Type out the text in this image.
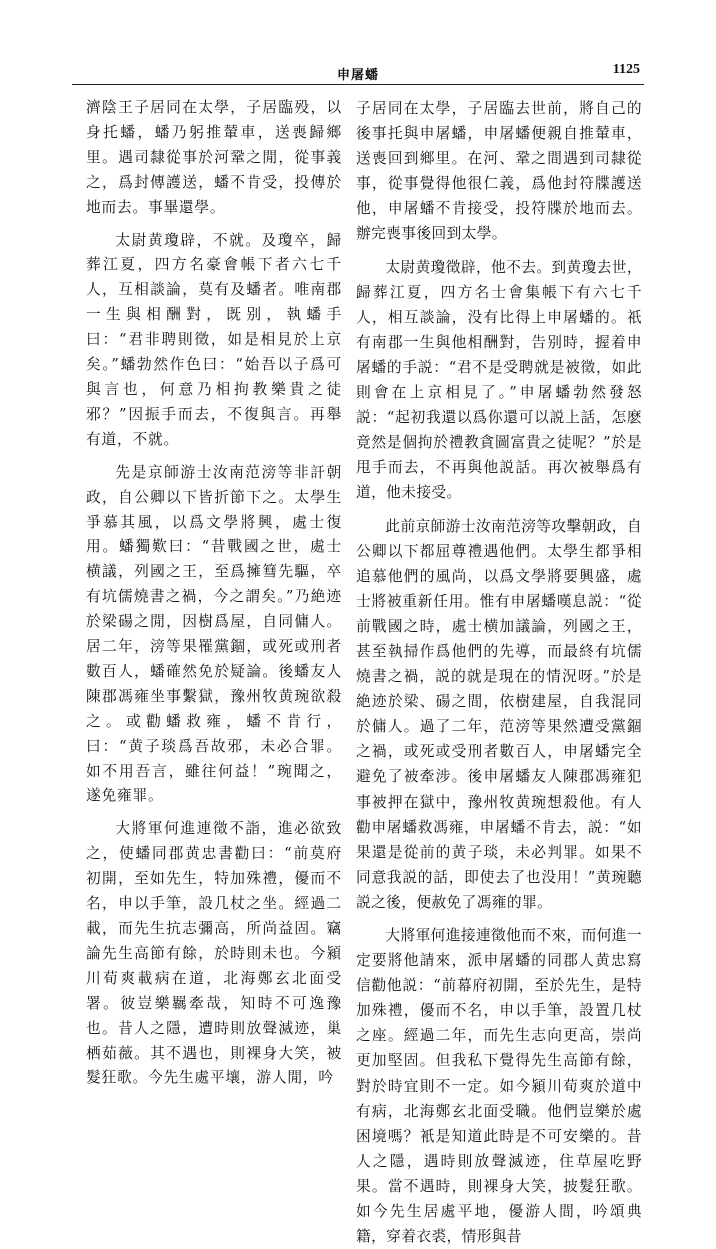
申屠蟠	1125

濟陰王子居同在太學，子居臨殁，以身托蟠，蟠乃躬推輦車，送喪歸鄉里。遇司隸從事於河鞏之閒，從事義之，爲封傳護送，蟠不肯受，投傳於地而去。事畢還學。

太尉黄瓊辟，不就。及瓊卒，歸葬江夏，四方名豪會帳下者六七千人，互相談論，莫有及蟠者。唯南郡一生與相酬對，既别，執蟠手曰：“君非聘則徵，如是相見於上京矣。”蟠勃然作色曰：“始吾以子爲可與言也，何意乃相拘教樂貴之徒邪？”因振手而去，不復與言。再舉有道，不就。

先是京師游士汝南范滂等非訐朝政，自公卿以下皆折節下之。太學生爭慕其風，以爲文學將興，處士復用。蟠獨歎曰：“昔戰國之世，處士横議，列國之王，至爲擁篲先驅，卒有坑儒燒書之禍，今之謂矣。”乃絶迹於梁碭之閒，因樹爲屋，自同傭人。居二年，滂等果罹黨錮，或死或刑者數百人，蟠確然免於疑論。後蟠友人陳郡馮雍坐事繫獄，豫州牧黄琬欲殺之。或勸蟠救雍，蟠不肯行，曰：“黄子琰爲吾故邪，未必合罪。如不用吾言，雖往何益！”琬聞之，遂免雍罪。

大將軍何進連徵不詣，進必欲致之，使蟠同郡黄忠書勸曰：“前莫府初開，至如先生，特加殊禮，優而不名，申以手筆，設几杖之坐。經過二載，而先生抗志彌高，所尚益固。竊論先生高節有餘，於時則未也。今潁川荀爽載病在道，北海鄭玄北面受署。彼豈樂羈牽哉，知時不可逸豫也。昔人之隱，遭時則放聲滅迹，巢栖茹薇。其不遇也，則裸身大笑，被髮狂歌。今先生處平壤，游人閒，吟

子居同在太學，子居臨去世前，將自己的後事托與申屠蟠，申屠蟠便親自推輦車，送喪回到鄉里。在河、鞏之間遇到司隸從事，從事覺得他很仁義，爲他封符牒護送他，申屠蟠不肯接受，投符牒於地而去。辦完喪事後回到太學。

太尉黄瓊徵辟，他不去。到黄瓊去世，歸葬江夏，四方名士會集帳下有六七千人，相互談論，没有比得上申屠蟠的。祇有南郡一生與他相酬對，告别時，握着申屠蟠的手説：“君不是受聘就是被徵，如此則會在上京相見了。”申屠蟠勃然發怒説：“起初我還以爲你還可以説上話，怎麽竟然是個拘於禮教貪圖富貴之徒呢？”於是甩手而去，不再與他説話。再次被舉爲有道，他未接受。

此前京師游士汝南范滂等攻擊朝政，自公卿以下都屈尊禮遇他們。太學生都爭相追慕他們的風尚，以爲文學將要興盛，處士將被重新任用。惟有申屠蟠嘆息説：“從前戰國之時，處士横加議論，列國之王，甚至執掃作爲他們的先導，而最終有坑儒燒書之禍，説的就是現在的情況呀。”於是絶迹於梁、碭之間，依樹建屋，自我混同於傭人。過了二年，范滂等果然遭受黨錮之禍，或死或受刑者數百人，申屠蟠完全避免了被牽涉。後申屠蟠友人陳郡馮雍犯事被押在獄中，豫州牧黄琬想殺他。有人勸申屠蟠救馮雍，申屠蟠不肯去，説：“如果還是從前的黄子琰，未必判罪。如果不同意我説的話，即使去了也没用！”黄琬聽説之後，便赦免了馮雍的罪。

大將軍何進接連徵他而不來，而何進一定要將他請來，派申屠蟠的同郡人黄忠寫信勸他説：“前幕府初開，至於先生，是特加殊禮，優而不名，申以手筆，設置几杖之座。經過二年，而先生志向更高，崇尚更加堅固。但我私下覺得先生高節有餘，對於時宜則不一定。如今潁川荀爽於道中有病，北海鄭玄北面受職。他們豈樂於處困境嗎？衹是知道此時是不可安樂的。昔人之隱，遇時則放聲滅迹，住草屋吃野果。當不遇時，則裸身大笑，披髮狂歌。如今先生居處平地，優游人間，吟頌典籍，穿着衣裘，情形與昔
